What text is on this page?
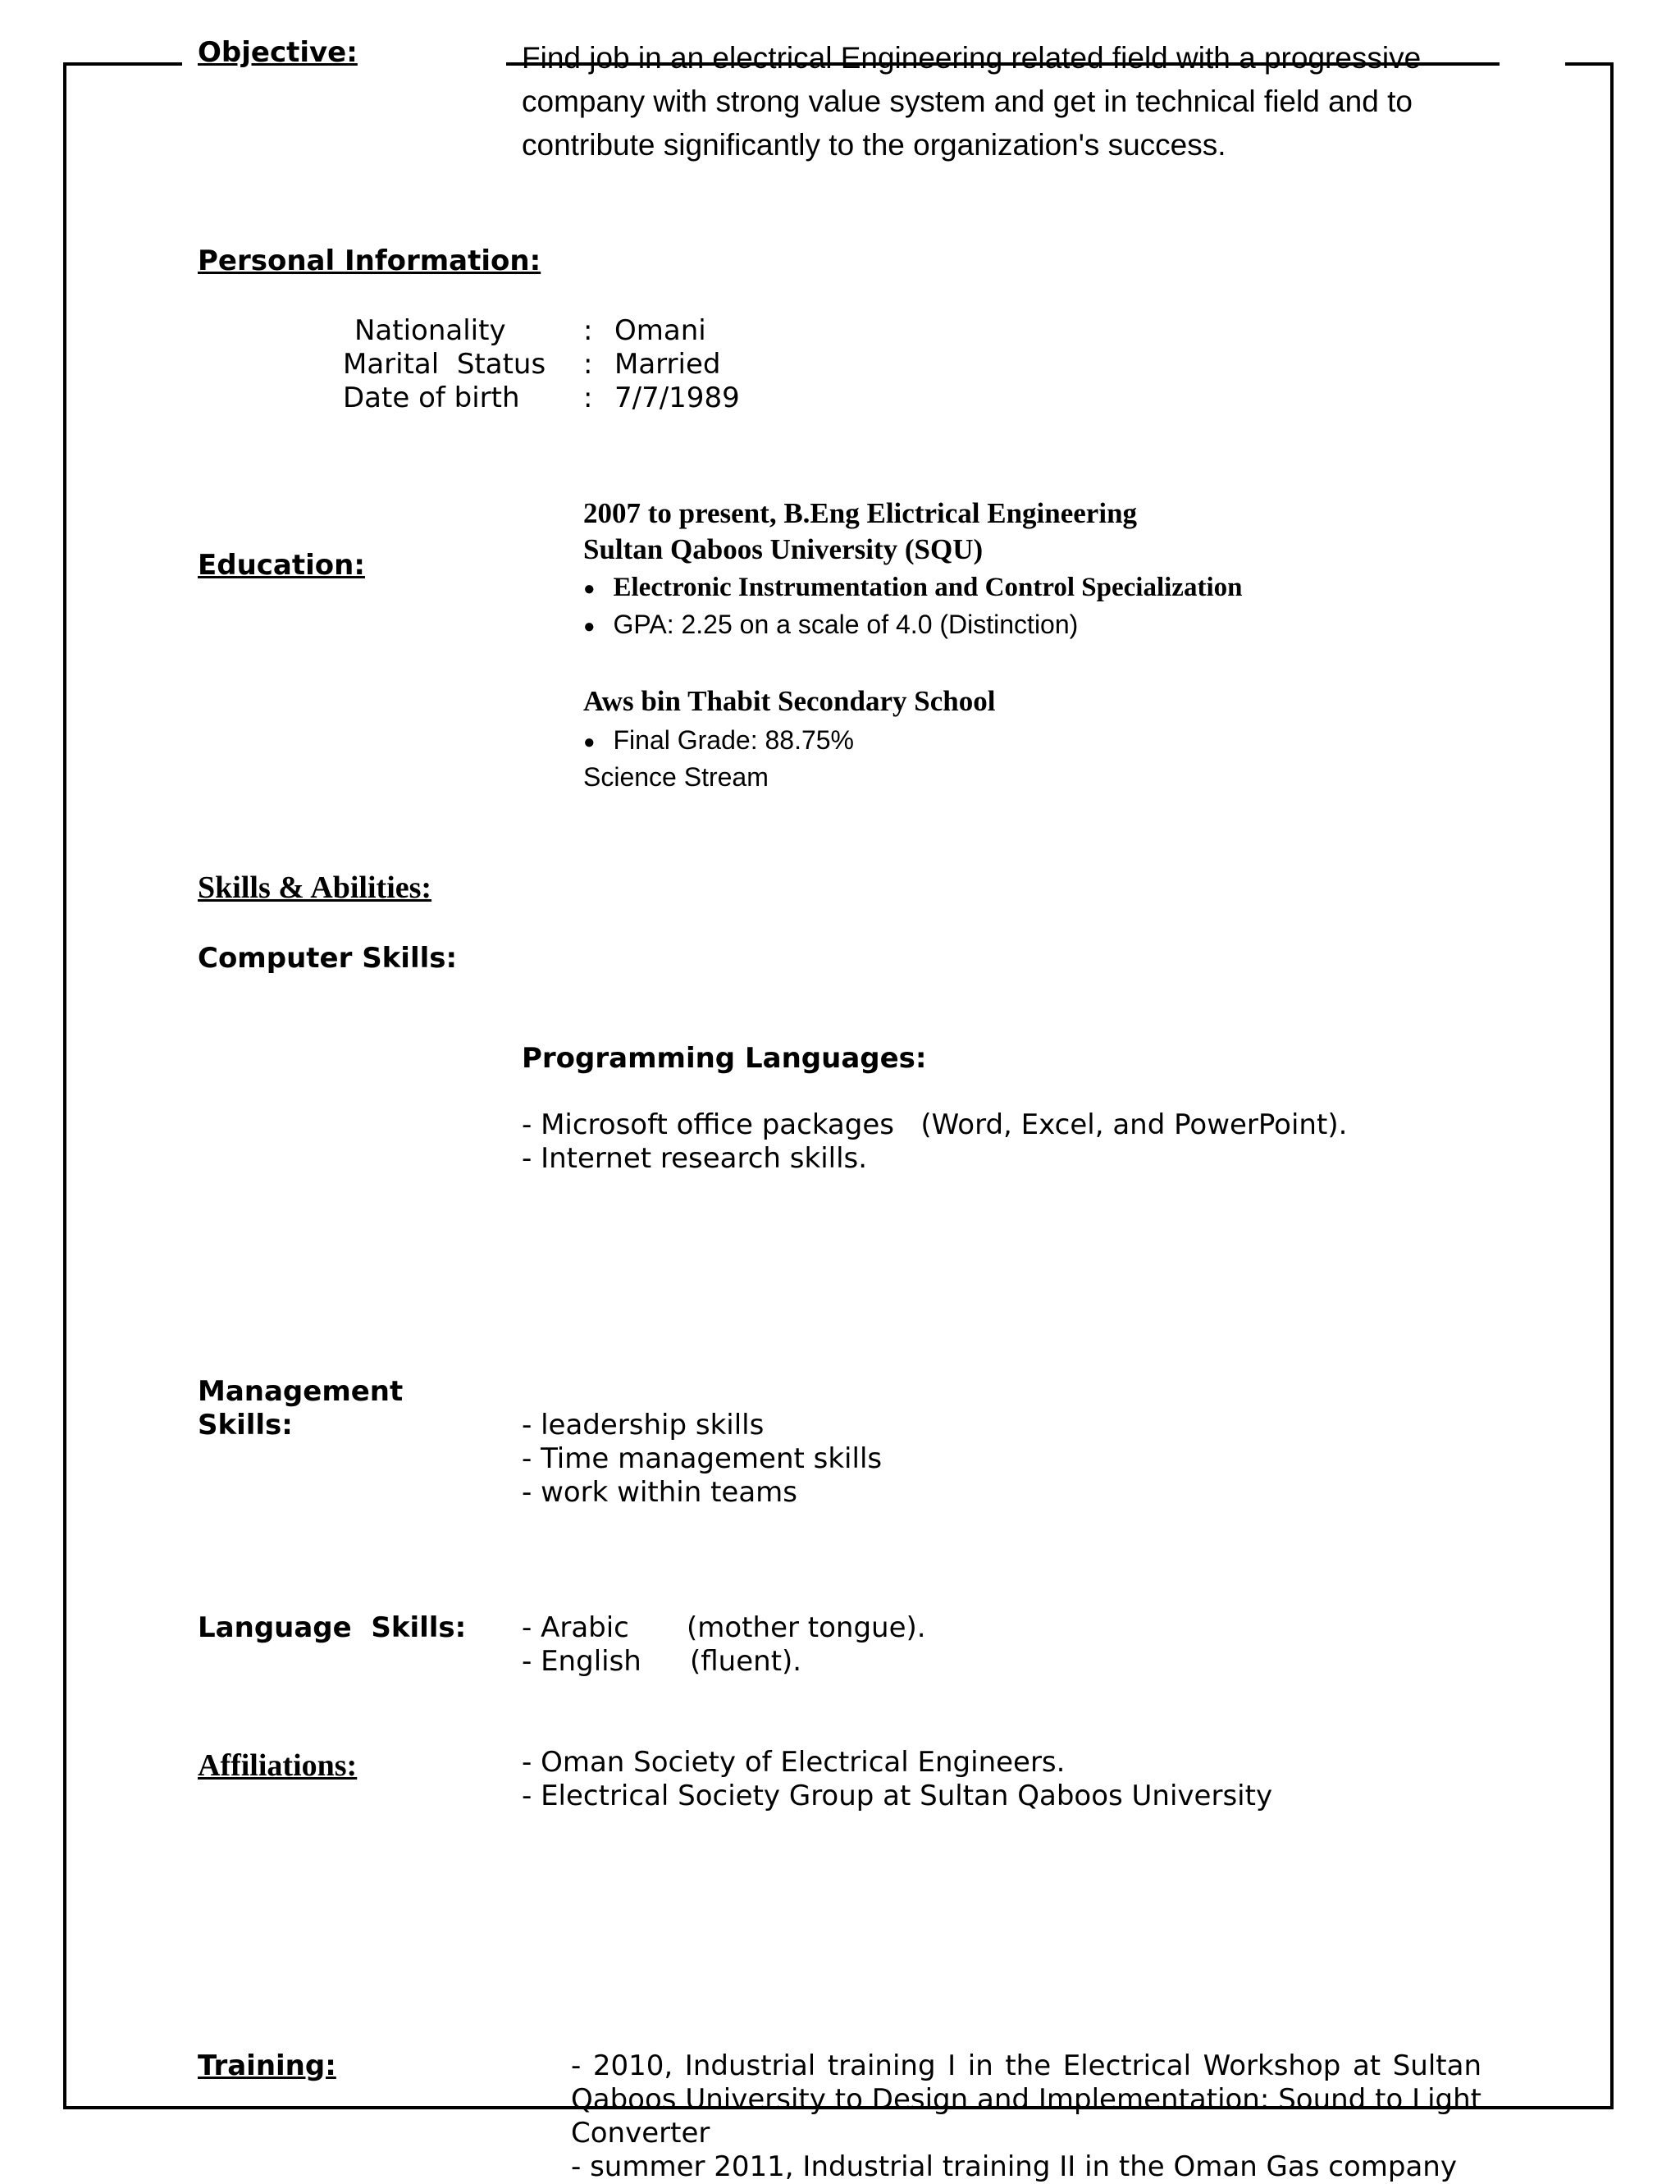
Objective:	Find job in an electrical Engineering related field with a progressive company with strong value system and get in technical field and to contribute significantly to the organization's success.

Personal Information:

Nationality	: Omani

Marital  Status : Married

Date of birth : 7/7/1989

Education:

2007 to present, B.Eng Elictrical Engineering

Sultan Qaboos University (SQU)

● Electronic Instrumentation and Control Specialization

● GPA: 2.25 on a scale of 4.0 (Distinction)

Aws bin Thabit Secondary School

● Final Grade: 88.75%

Science Stream

Skills & Abilities:

Computer Skills:

Programming Languages:

- Microsoft office packages   (Word, Excel, and PowerPoint).

- Internet research skills.

Management

Skills:	- leadership skills

- Time management skills

- work within teams

Language  Skills: - Arabic (mother tongue).

- English (fluent).

Affiliations:	- Oman Society of Electrical Engineers.

- Electrical Society Group at Sultan Qaboos University

Training:	- 2010, Industrial training I in the Electrical Workshop at Sultan Qaboos University to Design and Implementation: Sound to Light Converter
- summer 2011, Industrial training II in the Oman Gas company
